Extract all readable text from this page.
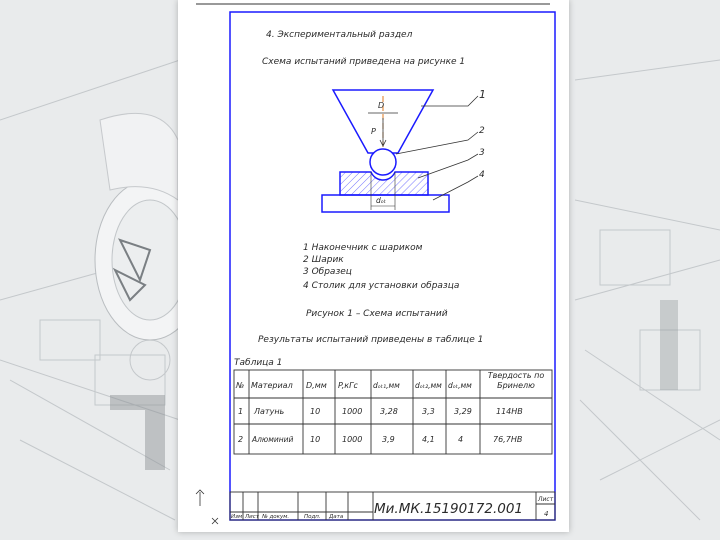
4. Экспериментальный раздел
Схема испытаний приведена на рисунке 1
D
P
dₒₜ
1
2
3
4
1 Наконечник с шариком
2 Шарик
3 Образец
4 Столик для установки образца
Рисунок 1 – Схема испытаний
Результаты испытаний приведены в таблице 1
Таблица 1
№ Материал D,мм P,кГс dₒₜ₁,мм dₒₜ₂,мм dₒₜ,мм
Твердость по Бринелю
1 Латунь	10	1000 3,28	3,3 3,29	114НВ
2 Алюминий 10	1000 3,9	4,1	4	76,7НВ
Изм Лист № докум.	Подп. Дата Ми.МК.15190172.001
Лист
4
